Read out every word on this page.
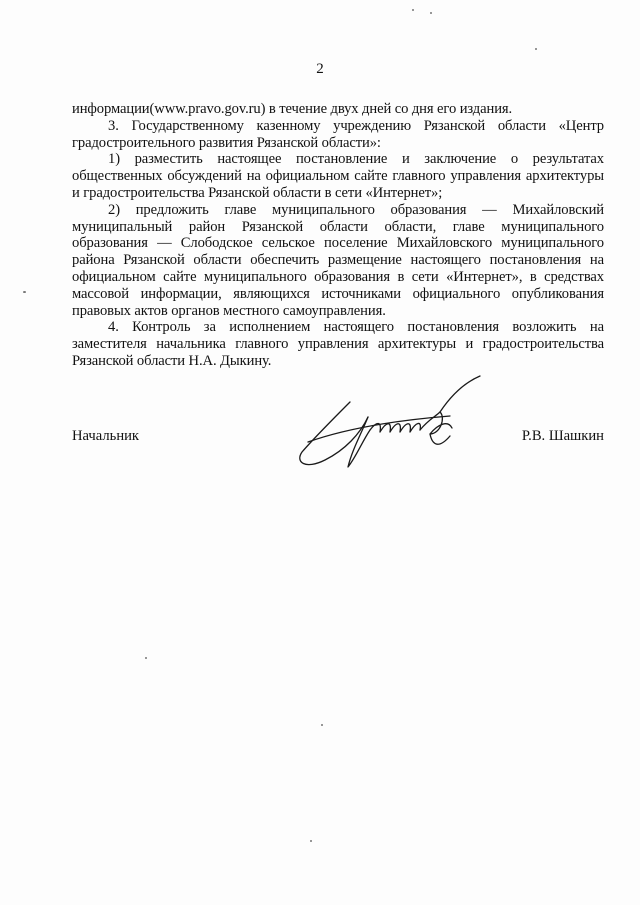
2

информации(www.pravo.gov.ru) в течение двух дней со дня его издания.

3. Государственному казенному учреждению Рязанской области «Центр градостроительного развития Рязанской области»:

1) разместить настоящее постановление и заключение о результатах общественных обсуждений на официальном сайте главного управления архитектуры и градостроительства Рязанской области в сети «Интернет»;

2) предложить главе муниципального образования — Михайловский муниципальный район Рязанской области области, главе муниципального образования — Слободское сельское поселение Михайловского муниципального района Рязанской области обеспечить размещение настоящего постановления на официальном сайте муниципального образования в сети «Интернет», в средствах массовой информации, являющихся источниками официального опубликования правовых актов органов местного самоуправления.

4. Контроль за исполнением настоящего постановления возложить на заместителя начальника главного управления архитектуры и градостроительства Рязанской области Н.А. Дыкину.

Начальник	Р.В. Шашкин
